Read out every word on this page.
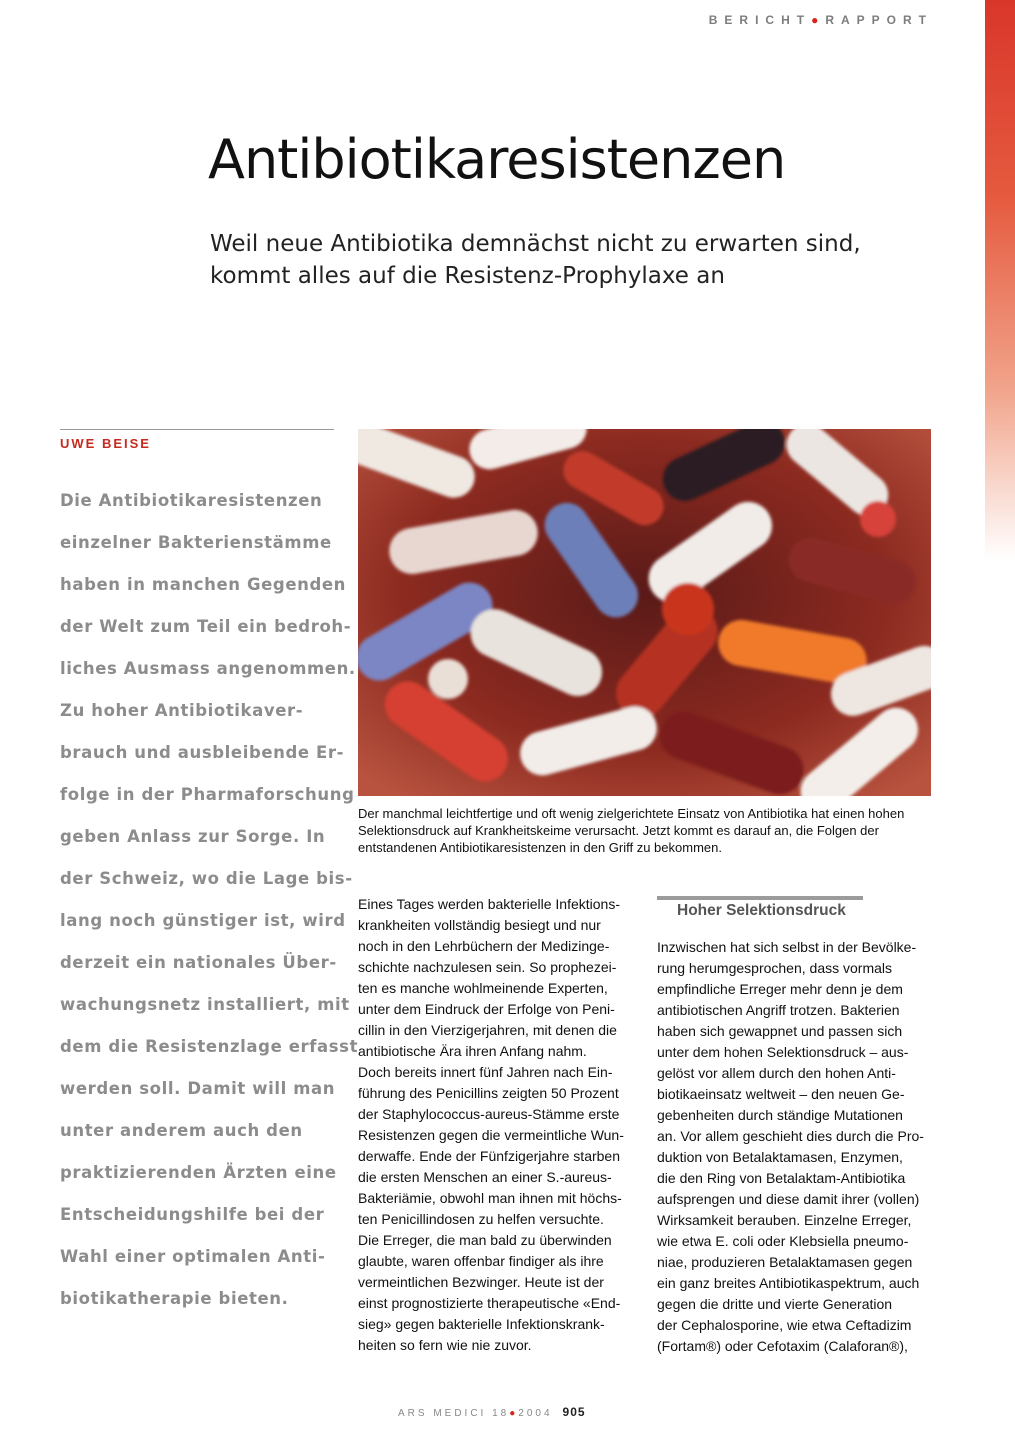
BERICHT●RAPPORT
Antibiotikaresistenzen

Weil neue Antibiotika demnächst nicht zu erwarten sind, kommt alles auf die Resistenz-Prophylaxe an

UWE BEISE
Die Antibiotikaresistenzen
einzelner Bakterienstämme
haben in manchen Gegenden
der Welt zum Teil ein bedroh-
liches Ausmass angenommen.
Zu hoher Antibiotikaver-
brauch und ausbleibende Er-
folge in der Pharmaforschung
geben Anlass zur Sorge. In
der Schweiz, wo die Lage bis-
lang noch günstiger ist, wird
derzeit ein nationales Über-
wachungsnetz installiert, mit
dem die Resistenzlage erfasst
werden soll. Damit will man
unter anderem auch den
praktizierenden Ärzten eine
Entscheidungshilfe bei der
Wahl einer optimalen Anti-
biotikatherapie bieten.
Der manchmal leichtfertige und oft wenig zielgerichtete Einsatz von Antibiotika hat einen hohen Selektionsdruck auf Krankheitskeime verursacht. Jetzt kommt es darauf an, die Folgen der entstandenen Antibiotikaresistenzen in den Griff zu bekommen.
Eines Tages werden bakterielle Infektions-
krankheiten vollständig besiegt und nur
noch in den Lehrbüchern der Medizinge-
schichte nachzulesen sein. So prophezei-
ten es manche wohlmeinende Experten,
unter dem Eindruck der Erfolge von Peni-
cillin in den Vierzigerjahren, mit denen die
antibiotische Ära ihren Anfang nahm.
Doch bereits innert fünf Jahren nach Ein-
führung des Penicillins zeigten 50 Prozent
der Staphylococcus-aureus-Stämme erste
Resistenzen gegen die vermeintliche Wun-
derwaffe. Ende der Fünfzigerjahre starben
die ersten Menschen an einer S.-aureus-
Bakteriämie, obwohl man ihnen mit höchs-
ten Penicillindosen zu helfen versuchte.
Die Erreger, die man bald zu überwinden
glaubte, waren offenbar findiger als ihre
vermeintlichen Bezwinger. Heute ist der
einst prognostizierte therapeutische «End-
sieg» gegen bakterielle Infektionskrank-
heiten so fern wie nie zuvor.
Hoher Selektionsdruck
Inzwischen hat sich selbst in der Bevölke-
rung herumgesprochen, dass vormals
empfindliche Erreger mehr denn je dem
antibiotischen Angriff trotzen. Bakterien
haben sich gewappnet und passen sich
unter dem hohen Selektionsdruck – aus-
gelöst vor allem durch den hohen Anti-
biotikaeinsatz weltweit – den neuen Ge-
gebenheiten durch ständige Mutationen
an. Vor allem geschieht dies durch die Pro-
duktion von Betalaktamasen, Enzymen,
die den Ring von Betalaktam-Antibiotika
aufsprengen und diese damit ihrer (vollen)
Wirksamkeit berauben. Einzelne Erreger,
wie etwa E. coli oder Klebsiella pneumo-
niae, produzieren Betalaktamasen gegen
ein ganz breites Antibiotikaspektrum, auch
gegen die dritte und vierte Generation
der Cephalosporine, wie etwa Ceftadizim
(Fortam®) oder Cefotaxim (Calaforan®),
ARS MEDICI 18●2004 905
